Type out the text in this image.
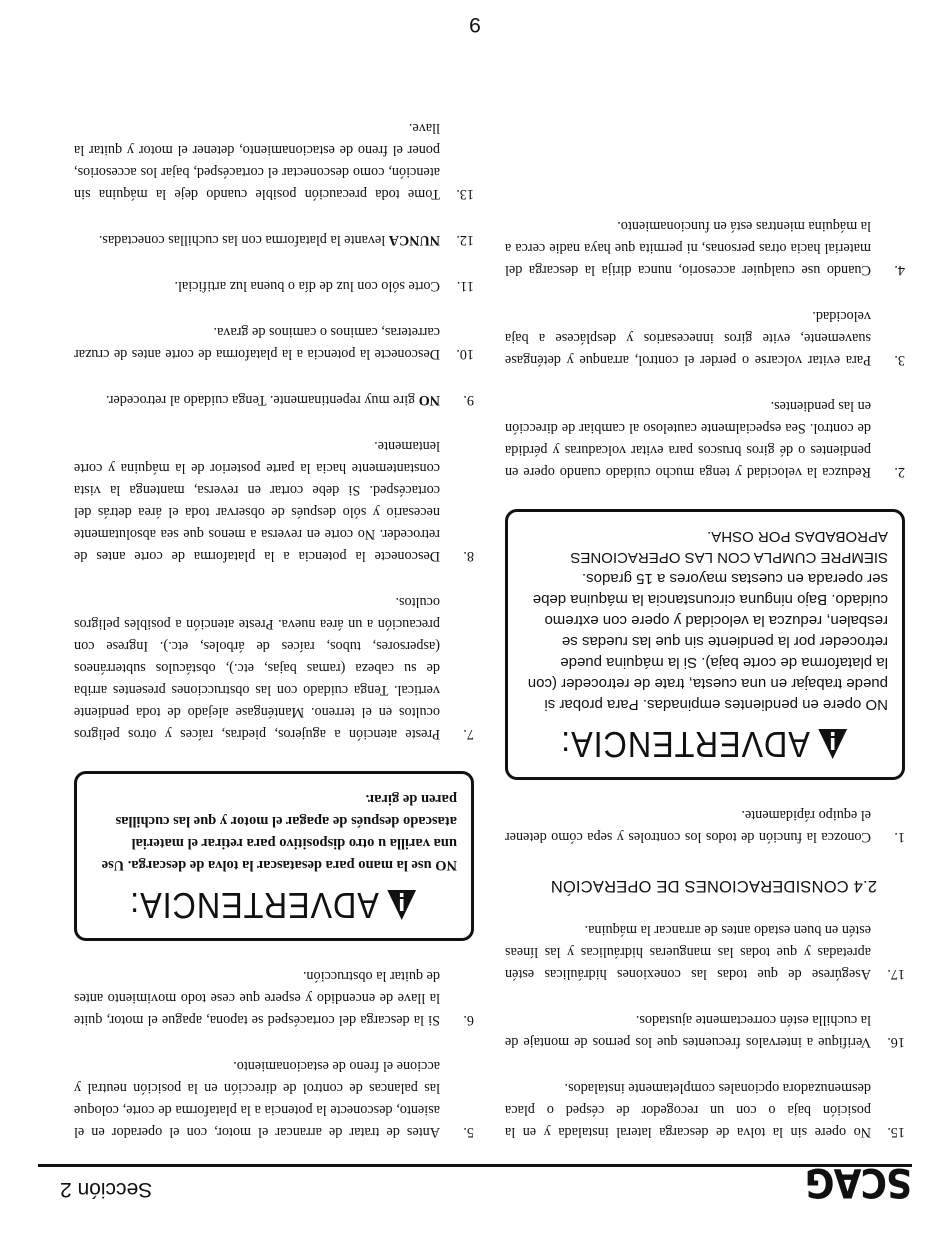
SCAG
Sección 2
15.
No opere sin la tolva de descarga lateral instalada y en la posición baja o con un recogedor de césped o placa desmenuzadora opcionales completamente instalados.
16.
Verifique a intervalos frecuentes que los pernos de montaje de la cuchilla estén correctamente ajustados.
17.
Asegúrese de que todas las conexiones hidráulicas estén apretadas y que todas las mangueras hidráulicas y las líneas estén en buen estado antes de arrancar la máquina.
2.4 CONSIDERACIONES DE OPERACIÓN
1.
Conozca la función de todos los controles y sepa cómo detener el equipo rápidamente.
ADVERTENCIA:
NO opere en pendientes empinadas. Para probar si puede trabajar en una cuesta, trate de retroceder (con la plataforma de corte baja). Si la máquina puede retroceder por la pendiente sin que las ruedas se resbalen, reduzca la velocidad y opere con extremo cuidado. Bajo ninguna circunstancia la máquina debe ser operada en cuestas mayores a 15 grados. SIEMPRE CUMPLA CON LAS OPERACIONES APROBADAS POR OSHA.
2.
Reduzca la velocidad y tenga mucho cuidado cuando opere en pendientes o dé giros bruscos para evitar volcaduras y pérdida de control. Sea especialmente cauteloso al cambiar de dirección en las pendientes.
3.
Para evitar volcarse o perder el control, arranque y deténgase suavemente, evite giros innecesarios y desplácese a baja velocidad.
4.
Cuando use cualquier accesorio, nunca dirija la descarga del material hacia otras personas, ni permita que haya nadie cerca a la máquina mientras está en funcionamiento.
5.
Antes de tratar de arrancar el motor, con el operador en el asiento, desconecte la potencia a la plataforma de corte, coloque las palancas de control de dirección en la posición neutral y accione el freno de estacionamiento.
6.
Si la descarga del cortacésped se tapona, apague el motor, quite la llave de encendido y espere que cese todo movimiento antes de quitar la obstrucción.
ADVERTENCIA:
NO use la mano para desatascar la tolva de descarga. Use una varilla u otro dispositivo para retirar el material atascado después de apagar el motor y que las cuchillas paren de girar.
7.
Preste atención a agujeros, piedras, raíces y otros peligros ocultos en el terreno. Manténgase alejado de toda pendiente vertical. Tenga cuidado con las obstrucciones presentes arriba de su cabeza (ramas bajas, etc.), obstáculos subterráneos (aspersores, tubos, raíces de árboles, etc.). Ingrese con precaución a un área nueva. Preste atención a posibles peligros ocultos.
8.
Desconecte la potencia a la plataforma de corte antes de retroceder. No corte en reversa a menos que sea absolutamente necesario y sólo después de observar toda el área detrás del cortacésped. Si debe cortar en reversa, mantenga la vista constantemente hacia la parte posterior de la máquina y corte lentamente.
9.
NO gire muy repentinamente. Tenga cuidado al retroceder.
10.
Desconecte la potencia a la plataforma de corte antes de cruzar carreteras, caminos o caminos de grava.
11.
Corte sólo con luz de día o buena luz artificial.
12.
NUNCA levante la plataforma con las cuchillas conectadas.
13.
Tome toda precaución posible cuando deje la máquina sin atención, como desconectar el cortacésped, bajar los accesorios, poner el freno de estacionamiento, detener el motor y quitar la llave.
9
